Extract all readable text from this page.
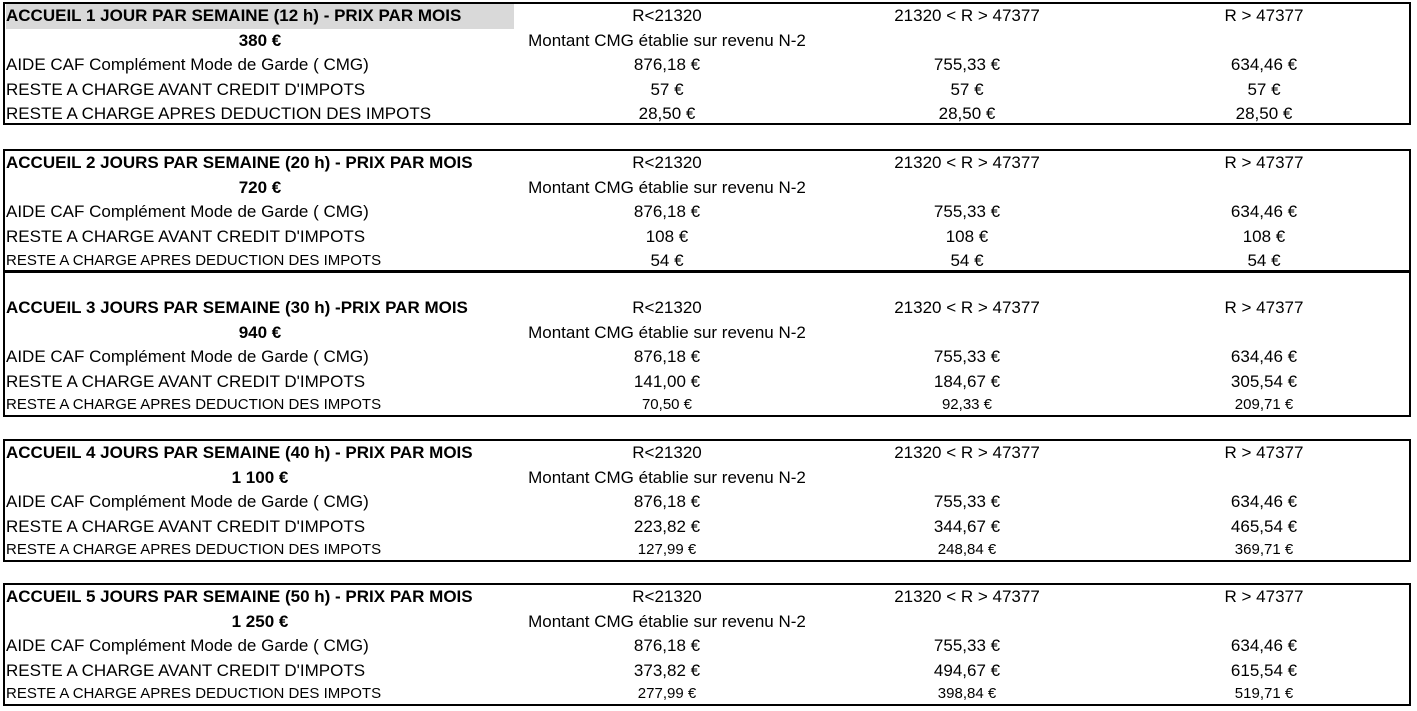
ACCUEIL 1 JOUR PAR SEMAINE (12 h) - PRIX PAR MOIS	R<21320	21320 < R > 47377	R > 47377
380 €	Montant CMG établie sur revenu N-2
AIDE CAF Complément Mode de Garde ( CMG)	876,18 €	755,33 €	634,46 €
RESTE A CHARGE AVANT CREDIT D'IMPOTS	57 €	57 €	57 €
RESTE A CHARGE APRES DEDUCTION DES IMPOTS	28,50 €	28,50 €	28,50 €
ACCUEIL 2 JOURS PAR SEMAINE (20 h) - PRIX PAR MOIS	R<21320	21320 < R > 47377	R > 47377
720 €	Montant CMG établie sur revenu N-2
AIDE CAF Complément Mode de Garde ( CMG)	876,18 €	755,33 €	634,46 €
RESTE A CHARGE AVANT CREDIT D'IMPOTS	108 €	108 €	108 €
RESTE A CHARGE APRES DEDUCTION DES IMPOTS	54 €	54 €	54 €
ACCUEIL 3 JOURS PAR SEMAINE (30 h) -PRIX PAR MOIS	R<21320	21320 < R > 47377	R > 47377
940 €	Montant CMG établie sur revenu N-2
AIDE CAF Complément Mode de Garde ( CMG)	876,18 €	755,33 €	634,46 €
RESTE A CHARGE AVANT CREDIT D'IMPOTS	141,00 €	184,67 €	305,54 €
RESTE A CHARGE APRES DEDUCTION DES IMPOTS	70,50 €	92,33 €	209,71 €
ACCUEIL 4 JOURS PAR SEMAINE (40 h) - PRIX PAR MOIS	R<21320	21320 < R > 47377	R > 47377
1 100 €	Montant CMG établie sur revenu N-2
AIDE CAF Complément Mode de Garde ( CMG)	876,18 €	755,33 €	634,46 €
RESTE A CHARGE AVANT CREDIT D'IMPOTS	223,82 €	344,67 €	465,54 €
RESTE A CHARGE APRES DEDUCTION DES IMPOTS	127,99 €	248,84 €	369,71 €
ACCUEIL 5 JOURS PAR SEMAINE (50 h) - PRIX PAR MOIS	R<21320	21320 < R > 47377	R > 47377
1 250 €	Montant CMG établie sur revenu N-2
AIDE CAF Complément Mode de Garde ( CMG)	876,18 €	755,33 €	634,46 €
RESTE A CHARGE AVANT CREDIT D'IMPOTS	373,82 €	494,67 €	615,54 €
RESTE A CHARGE APRES DEDUCTION DES IMPOTS	277,99 €	398,84 €	519,71 €
